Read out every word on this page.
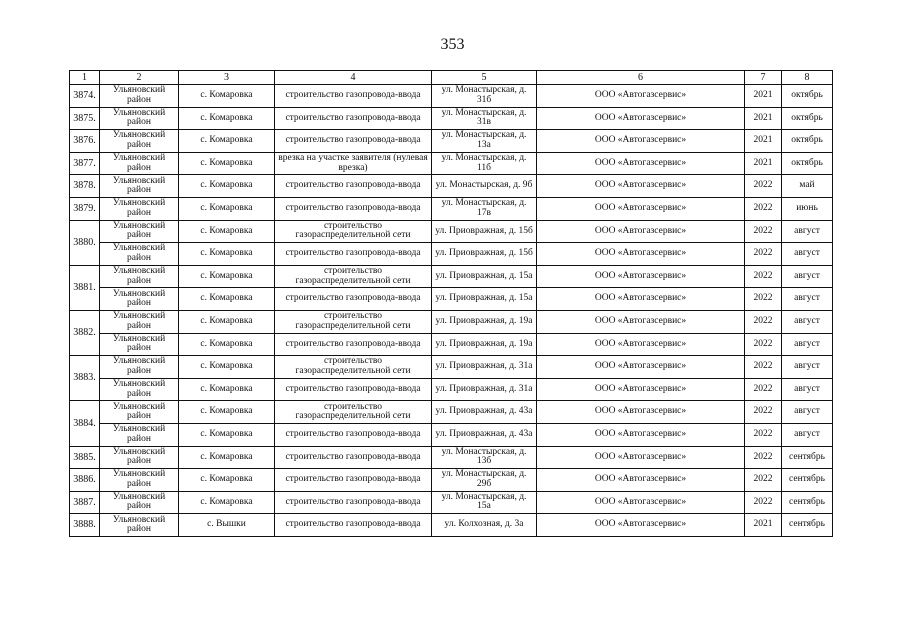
353
1	2	3	4	5	6	7	8
3874.	Ульяновский район	с. Комаровка	строительство газопровода-ввода	ул. Монастырская, д. 31б	ООО «Автогазсервис»	2021	октябрь
3875.	Ульяновский район	с. Комаровка	строительство газопровода-ввода	ул. Монастырская, д. 31в	ООО «Автогазсервис»	2021	октябрь
3876.	Ульяновский район	с. Комаровка	строительство газопровода-ввода	ул. Монастырская, д. 13а	ООО «Автогазсервис»	2021	октябрь
3877.	Ульяновский район	с. Комаровка	врезка на участке заявителя (нулевая врезка)	ул. Монастырская, д. 11б	ООО «Автогазсервис»	2021	октябрь
3878.	Ульяновский район	с. Комаровка	строительство газопровода-ввода	ул. Монастырская, д. 9б	ООО «Автогазсервис»	2022	май
3879.	Ульяновский район	с. Комаровка	строительство газопровода-ввода	ул. Монастырская, д. 17в	ООО «Автогазсервис»	2022	июнь
3880.	Ульяновский район	с. Комаровка	строительство газораспределительной сети	ул. Приовражная, д. 15б	ООО «Автогазсервис»	2022	август
	Ульяновский район	с. Комаровка	строительство газопровода-ввода	ул. Приовражная, д. 15б	ООО «Автогазсервис»	2022	август
3881.	Ульяновский район	с. Комаровка	строительство газораспределительной сети	ул. Приовражная, д. 15а	ООО «Автогазсервис»	2022	август
	Ульяновский район	с. Комаровка	строительство газопровода-ввода	ул. Приовражная, д. 15а	ООО «Автогазсервис»	2022	август
3882.	Ульяновский район	с. Комаровка	строительство газораспределительной сети	ул. Приовражная, д. 19а	ООО «Автогазсервис»	2022	август
	Ульяновский район	с. Комаровка	строительство газопровода-ввода	ул. Приовражная, д. 19а	ООО «Автогазсервис»	2022	август
3883.	Ульяновский район	с. Комаровка	строительство газораспределительной сети	ул. Приовражная, д. 31а	ООО «Автогазсервис»	2022	август
	Ульяновский район	с. Комаровка	строительство газопровода-ввода	ул. Приовражная, д. 31а	ООО «Автогазсервис»	2022	август
3884.	Ульяновский район	с. Комаровка	строительство газораспределительной сети	ул. Приовражная, д. 43а	ООО «Автогазсервис»	2022	август
	Ульяновский район	с. Комаровка	строительство газопровода-ввода	ул. Приовражная, д. 43а	ООО «Автогазсервис»	2022	август
3885.	Ульяновский район	с. Комаровка	строительство газопровода-ввода	ул. Монастырская, д. 13б	ООО «Автогазсервис»	2022	сентябрь
3886.	Ульяновский район	с. Комаровка	строительство газопровода-ввода	ул. Монастырская, д. 29б	ООО «Автогазсервис»	2022	сентябрь
3887.	Ульяновский район	с. Комаровка	строительство газопровода-ввода	ул. Монастырская, д. 15а	ООО «Автогазсервис»	2022	сентябрь
3888.	Ульяновский район	с. Вышки	строительство газопровода-ввода	ул. Колхозная, д. 3а	ООО «Автогазсервис»	2021	сентябрь
